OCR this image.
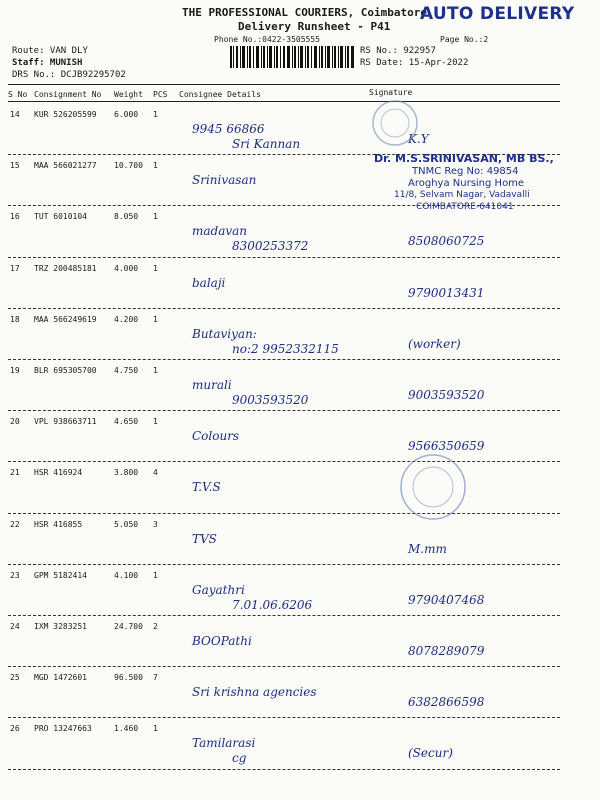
THE PROFESSIONAL COURIERS, Coimbatore
Delivery Runsheet - P41
Phone No.:0422-3505555	Page No.:2
AUTO DELIVERY
Route: VAN DLY
Staff: MUNISH
DRS No.: DCJB92295702
RS No.: 922957
RS Date: 15-Apr-2022
S No Consignment No Weight PCS Consignee Details	Signature
14 KUR 526205599 6.000 1
9945 66866
Sri Kannan	K.Y
15 MAA 566021277 10.700 1
Srinivasan
16 TUT 6010104	8.050 1
madavan
8300253372	8508060725
17 TRZ 200485181 4.000 1
balaji
9790013431
18 MAA 566249619 4.200 1
Butaviyan:
no:2 9952332115	(worker)
19 BLR 695305700 4.750 1
murali
9003593520	9003593520
20 VPL 938663711 4.650 1
Colours
9566350659
21 HSR 416924	3.800 4
T.V.S
22 HSR 416855	5.050 3
TVS
M.mm
23 GPM 5182414	4.100 1
Gayathri
7.01.06.6206	9790407468
24 IXM 3283251	24.700 2
BOOPathi
8078289079
25 MGD 1472601	96.500 7
Sri krishna agencies
6382866598
26 PRO 13247663	1.460 1
Tamilarasi
cg	(Secur)
Dr. M.S.SRINIVASAN, MB BS.,
TNMC Reg No: 49854
Aroghya Nursing Home
11/8, Selvam Nagar, Vadavalli
COIMBATORE-641041
